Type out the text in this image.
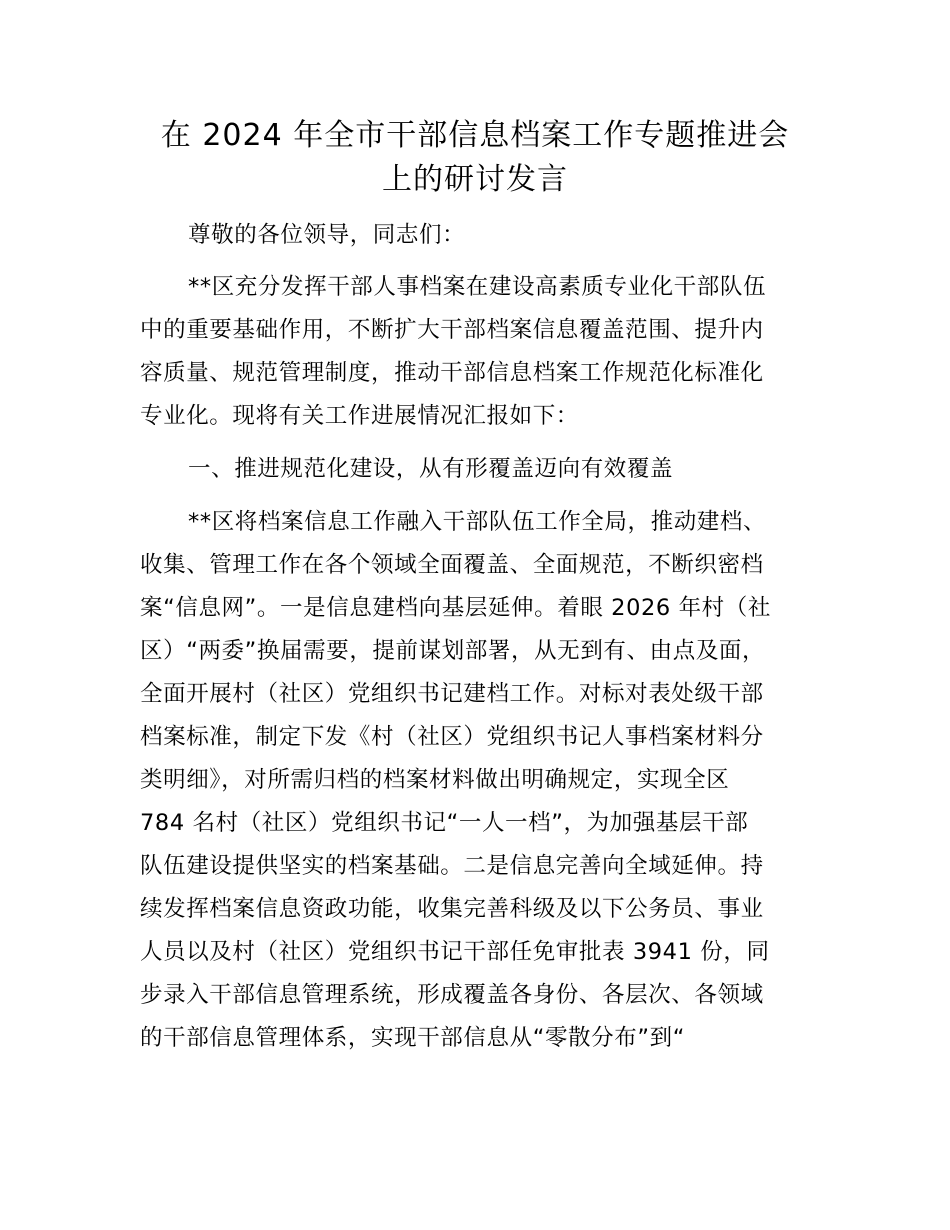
在 2024 年全市干部信息档案工作专题推进会
上的研讨发言
尊敬的各位领导，同志们：
**区充分发挥干部人事档案在建设高素质专业化干部队伍
中的重要基础作用，不断扩大干部档案信息覆盖范围、提升内
容质量、规范管理制度，推动干部信息档案工作规范化标准化
专业化。现将有关工作进展情况汇报如下：
一、推进规范化建设，从有形覆盖迈向有效覆盖
**区将档案信息工作融入干部队伍工作全局，推动建档、
收集、管理工作在各个领域全面覆盖、全面规范，不断织密档
案“信息网”。一是信息建档向基层延伸。着眼 2026 年村（社
区）“两委”换届需要，提前谋划部署，从无到有、由点及面，
全面开展村（社区）党组织书记建档工作。对标对表处级干部
档案标准，制定下发《村（社区）党组织书记人事档案材料分
类明细》，对所需归档的档案材料做出明确规定，实现全区
784 名村（社区）党组织书记“一人一档”，为加强基层干部
队伍建设提供坚实的档案基础。二是信息完善向全域延伸。持
续发挥档案信息资政功能，收集完善科级及以下公务员、事业
人员以及村（社区）党组织书记干部任免审批表 3941 份，同
步录入干部信息管理系统，形成覆盖各身份、各层次、各领域
的干部信息管理体系，实现干部信息从“零散分布”到“
